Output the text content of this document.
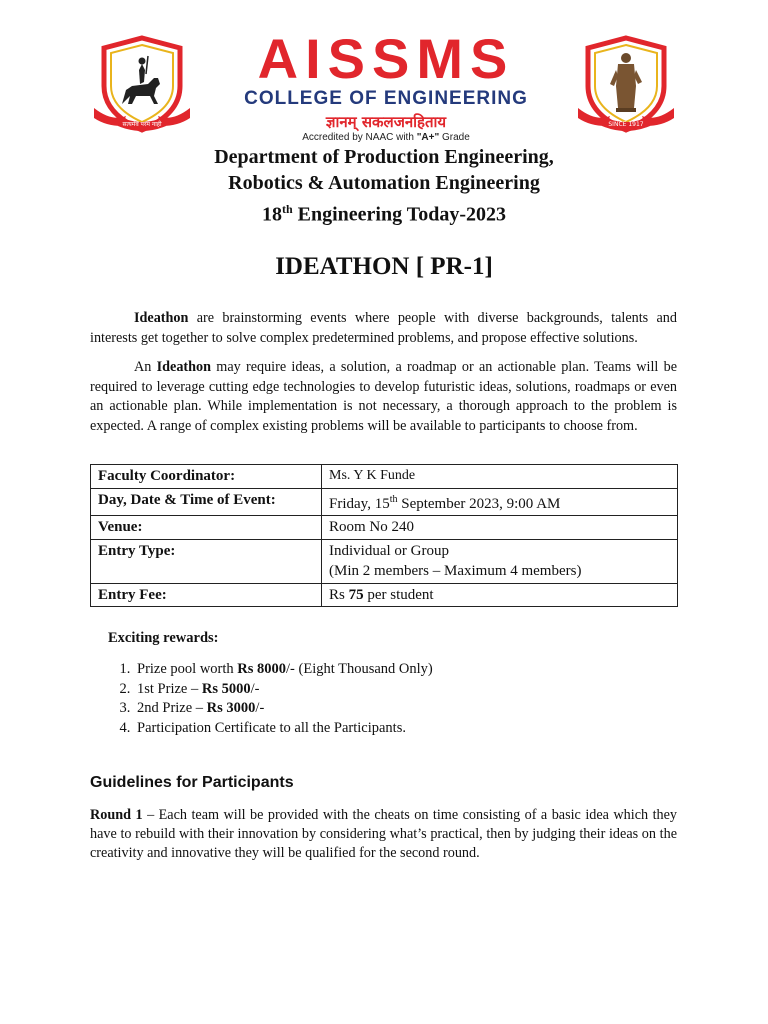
सत्यमेव परम नाही
AISSMS
COLLEGE OF ENGINEERING
ज्ञानम् सकलजनहिताय
Accredited by NAAC with "A+" Grade
SINCE 1917
Department of Production Engineering,
Robotics & Automation Engineering
18th Engineering Today-2023
IDEATHON [ PR-1]

Ideathon are brainstorming events where people with diverse backgrounds, talents and interests get together to solve complex predetermined problems, and propose effective solutions.

An Ideathon may require ideas, a solution, a roadmap or an actionable plan. Teams will be required to leverage cutting edge technologies to develop futuristic ideas, solutions, roadmaps or even an actionable plan. While implementation is not necessary, a thorough approach to the problem is expected. A range of complex existing problems will be available to participants to choose from.

Faculty Coordinator:	Ms. Y K Funde
Day, Date & Time of Event:	Friday, 15th September 2023, 9:00 AM
Venue:	Room No 240
Entry Type:	Individual or Group
(Min 2 members – Maximum 4 members)

Entry Fee:	Rs 75 per student
Exciting rewards:
1. Prize pool worth Rs 8000/- (Eight Thousand Only)
2. 1st Prize – Rs 5000/-
3. 2nd Prize – Rs 3000/-
4. Participation Certificate to all the Participants.
Guidelines for Participants

Round 1 – Each team will be provided with the cheats on time consisting of a basic idea which they have to rebuild with their innovation by considering what’s practical, then by judging their ideas on the creativity and innovative they will be qualified for the second round.
